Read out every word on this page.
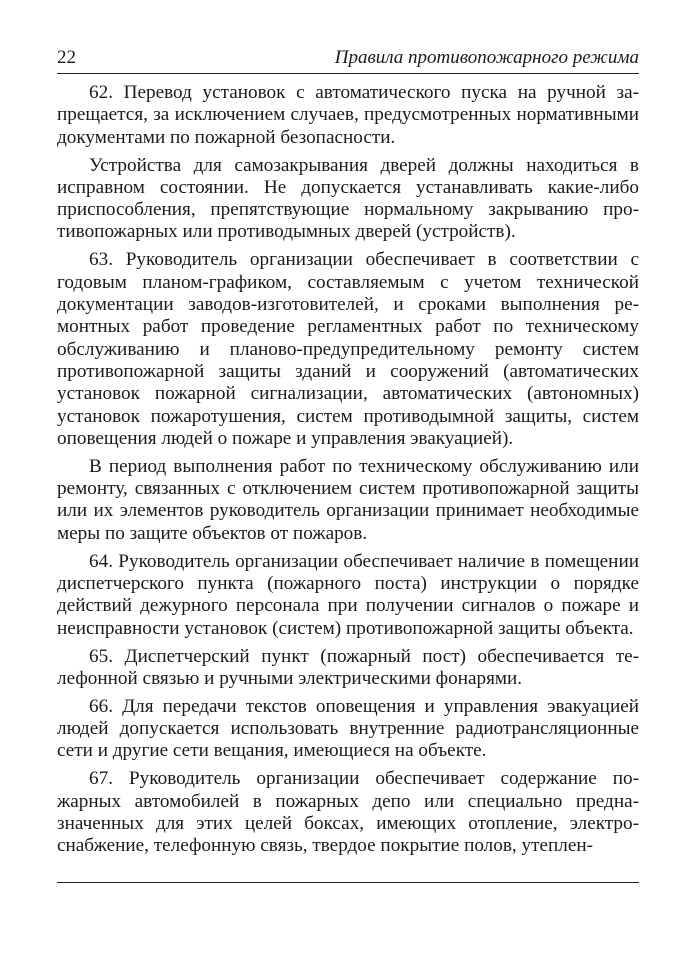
22	Правила противопожарного режима

62. Перевод установок с автоматического пуска на ручной запрещается, за исключением случаев, предусмотренных нормативными документами по пожарной безопасности.

Устройства для самозакрывания дверей должны находиться в исправном состоянии. Не допускается устанавливать какие-либо приспособления, препятствующие нормальному закрыванию противопожарных или противодымных дверей (устройств).

63. Руководитель организации обеспечивает в соответствии с годовым планом-графиком, составляемым с учетом технической документации заводов-изготовителей, и сроками выполнения ремонтных работ проведение регламентных работ по техническому обслуживанию и планово-предупредительному ремонту систем противопожарной защиты зданий и сооружений (автоматических установок пожарной сигнализации, автоматических (автономных) установок пожаротушения, систем противодымной защиты, систем оповещения людей о пожаре и управления эвакуацией).

В период выполнения работ по техническому обслуживанию или ремонту, связанных с отключением систем противопожарной защиты или их элементов руководитель организации принимает необходимые меры по защите объектов от пожаров.

64. Руководитель организации обеспечивает наличие в помещении диспетчерского пункта (пожарного поста) инструкции о порядке действий дежурного персонала при получении сигналов о пожаре и неисправности установок (систем) противопожарной защиты объекта.

65. Диспетчерский пункт (пожарный пост) обеспечивается телефонной связью и ручными электрическими фонарями.

66. Для передачи текстов оповещения и управления эвакуацией людей допускается использовать внутренние радиотрансляционные сети и другие сети вещания, имеющиеся на объекте.

67. Руководитель организации обеспечивает содержание пожарных автомобилей в пожарных депо или специально предназначенных для этих целей боксах, имеющих отопление, электроснабжение, телефонную связь, твердое покрытие полов, утеплен-
